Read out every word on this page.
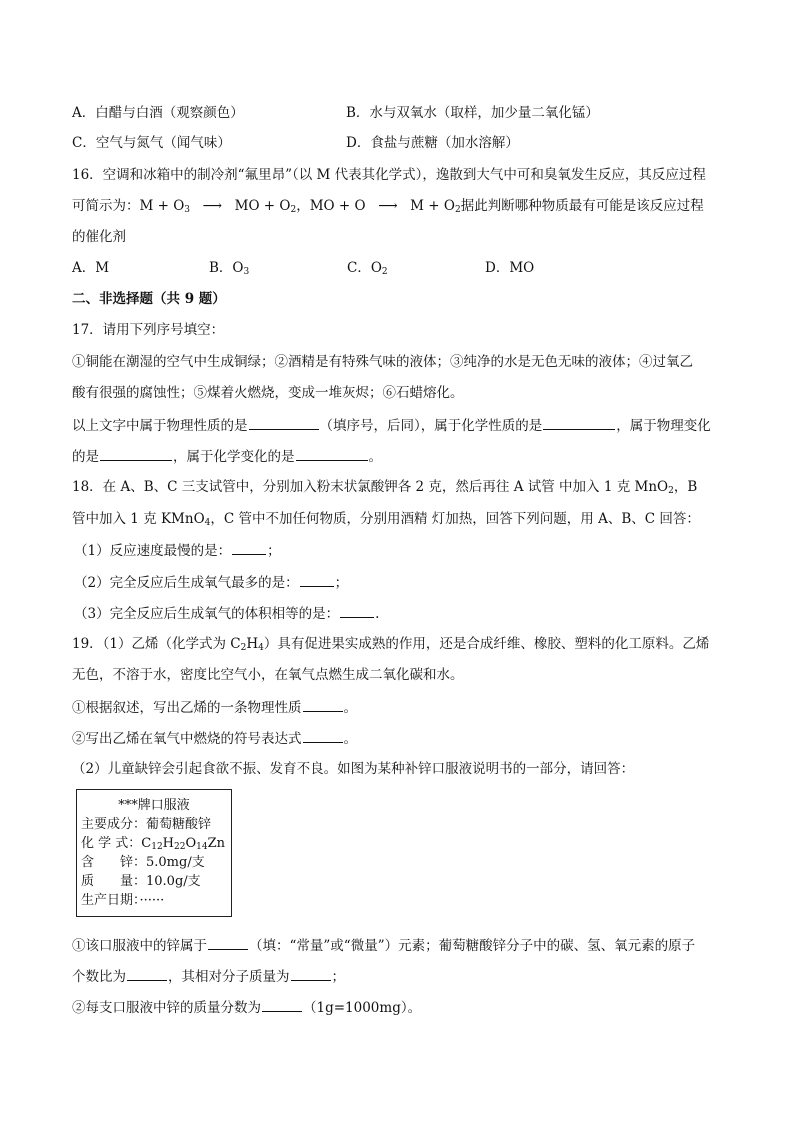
A．白醋与白酒（观察颜色）	B．水与双氧水（取样，加少量二氧化锰）
C．空气与氮气（闻气味）	D．食盐与蔗糖（加水溶解）
16．空调和冰箱中的制冷剂“氟里昂”（以 M 代表其化学式），逸散到大气中可和臭氧发生反应，其反应过程
可简示为：$M + O_3$ ⟶ MO + $O_2$，MO + O ⟶ $M + O_2$据此判断哪种物质最有可能是该反应过程
的催化剂
A．M	B．$O_3$	C．$O_2$	D．MO
二、非选择题（共 9 题）
17．请用下列序号填空：
①铜能在潮湿的空气中生成铜绿；②酒精是有特殊气味的液体；③纯净的水是无色无味的液体；④过氧乙
酸有很强的腐蚀性；⑤煤着火燃烧，变成一堆灰烬；⑥石蜡熔化。
以上文字中属于物理性质的是	（填序号，后同），属于化学性质的是	，属于物理变化
的是	，属于化学变化的是	。
18．在 A、B、C 三支试管中，分别加入粉末状氯酸钾各 2 克，然后再往 A 试管 中加入 1 克 MnO$_2$，B
管中加入 1 克 KMnO$_4$，C 管中不加任何物质，分别用酒精 灯加热，回答下列问题，用 A、B、C 回答：
（1）反应速度最慢的是：	；
（2）完全反应后生成氧气最多的是：	；
（3）完全反应后生成氧气的体积相等的是：	.
19．（1）乙烯（化学式为 $C_2H_4$）具有促进果实成熟的作用，还是合成纤维、橡胶、塑料的化工原料。乙烯
无色，不溶于水，密度比空气小，在氧气点燃生成二氧化碳和水。
①根据叙述，写出乙烯的一条物理性质	。
②写出乙烯在氧气中燃烧的符号表达式	。
（2）儿童缺锌会引起食欲不振、发育不良。如图为某种补锌口服液说明书的一部分，请回答：
***牌口服液
主要成分：葡萄糖酸锌
化 学 式：$C_{12}H_{22}O_{14}Zn$
含　　锌：5.0mg/支
质　　量：10.0g/支
生产日期：······
①该口服液中的锌属于	（填：“常量”或“微量”）元素；葡萄糖酸锌分子中的碳、氢、氧元素的原子
个数比为	，其相对分子质量为	；
②每支口服液中锌的质量分数为	（1g=1000mg）。
